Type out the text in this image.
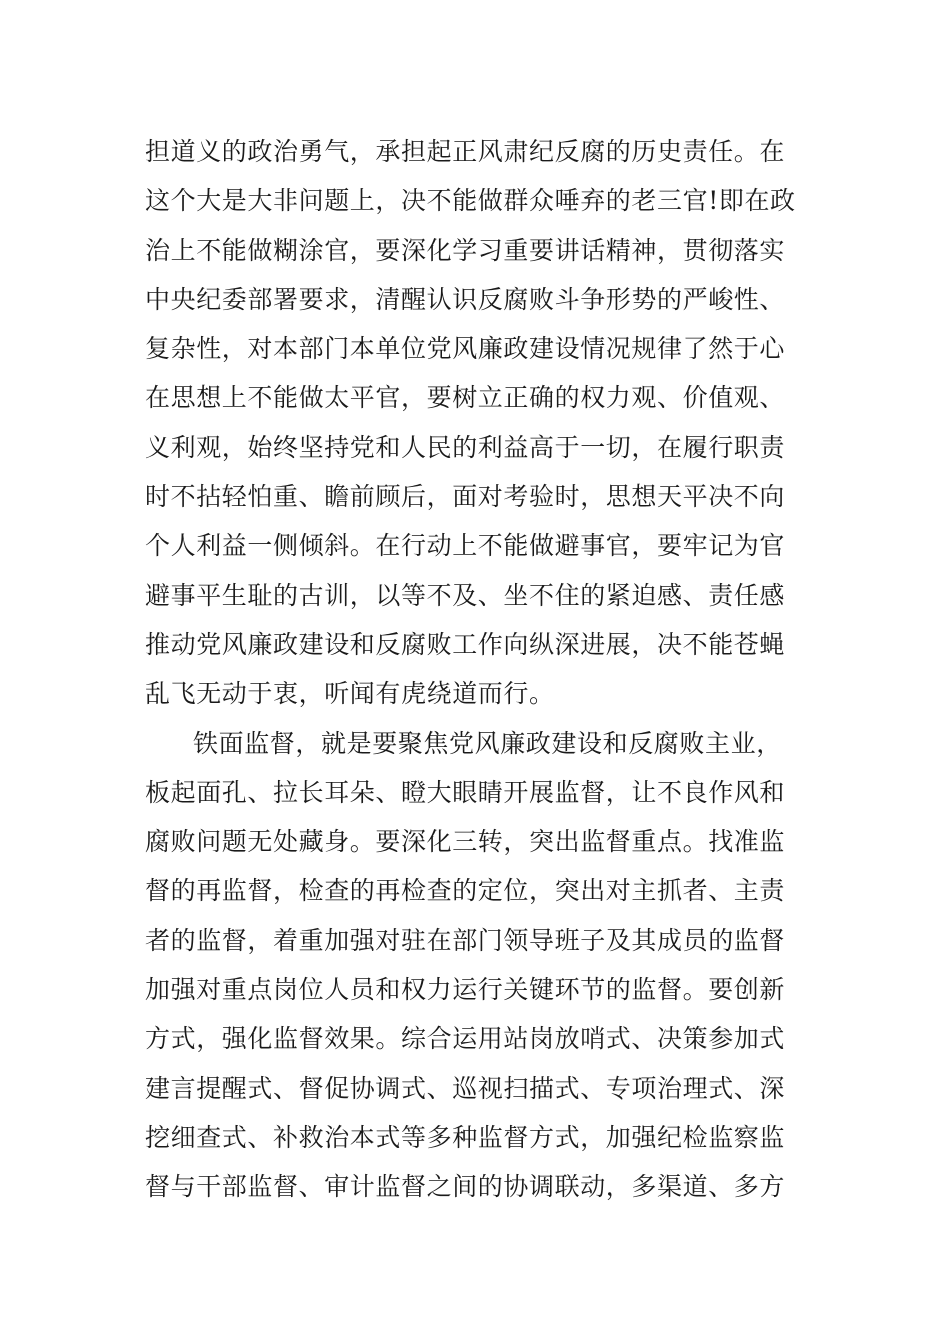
担道义的政治勇气，承担起正风肃纪反腐的历史责任。在
这个大是大非问题上，决不能做群众唾弃的老三官!即在政
治上不能做糊涂官，要深化学习重要讲话精神，贯彻落实
中央纪委部署要求，清醒认识反腐败斗争形势的严峻性、
复杂性，对本部门本单位党风廉政建设情况规律了然于心
在思想上不能做太平官，要树立正确的权力观、价值观、
义利观，始终坚持党和人民的利益高于一切，在履行职责
时不拈轻怕重、瞻前顾后，面对考验时，思想天平决不向
个人利益一侧倾斜。在行动上不能做避事官，要牢记为官
避事平生耻的古训，以等不及、坐不住的紧迫感、责任感
推动党风廉政建设和反腐败工作向纵深进展，决不能苍蝇
乱飞无动于衷，听闻有虎绕道而行。
铁面监督，就是要聚焦党风廉政建设和反腐败主业，
板起面孔、拉长耳朵、瞪大眼睛开展监督，让不良作风和
腐败问题无处藏身。要深化三转，突出监督重点。找准监
督的再监督，检查的再检查的定位，突出对主抓者、主责
者的监督，着重加强对驻在部门领导班子及其成员的监督
加强对重点岗位人员和权力运行关键环节的监督。要创新
方式，强化监督效果。综合运用站岗放哨式、决策参加式
建言提醒式、督促协调式、巡视扫描式、专项治理式、深
挖细查式、补救治本式等多种监督方式，加强纪检监察监
督与干部监督、审计监督之间的协调联动，多渠道、多方
